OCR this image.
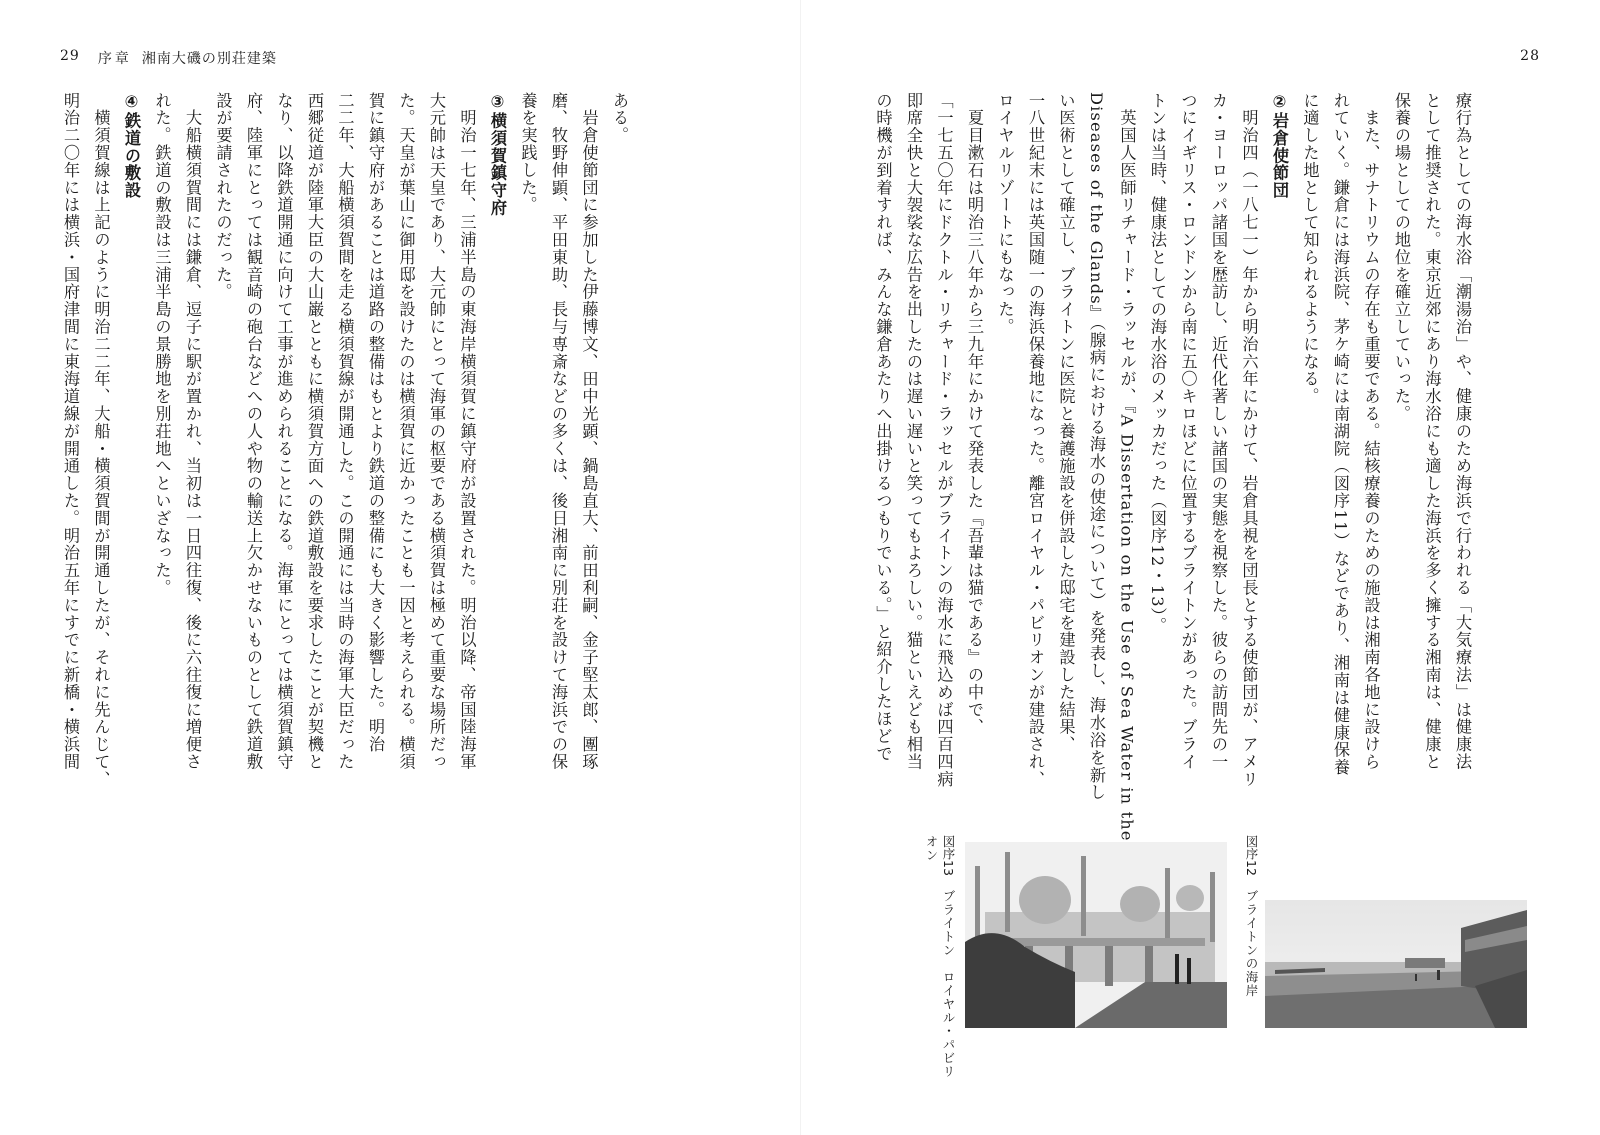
29 序章 湘南大磯の別荘建築	28

療行為としての海水浴「潮湯治」や、健康のため海浜で行われる「大気療法」は健康法
として推奨された。東京近郊にあり海水浴にも適した海浜を多く擁する湘南は、健康と
保養の場としての地位を確立していった。
　また、サナトリウムの存在も重要である。結核療養のための施設は湘南各地に設けら
れていく。鎌倉には海浜院、茅ケ崎には南湖院（図序11）などであり、湘南は健康保養
に適した地として知られるようになる。
②岩倉使節団
　明治四（一八七一）年から明治六年にかけて、岩倉具視を団長とする使節団が、アメリ
カ・ヨーロッパ諸国を歴訪し、近代化著しい諸国の実態を視察した。彼らの訪問先の一
つにイギリス・ロンドンから南に五〇キロほどに位置するブライトンがあった。ブライ
トンは当時、健康法としての海水浴のメッカだった（図序12・13）。
　英国人医師リチャード・ラッセルが、『A Dissertation on the Use of Sea Water in the
Diseases of the Glands』（腺病における海水の使途について）を発表し、海水浴を新し
い医術として確立し、ブライトンに医院と養護施設を併設した邸宅を建設した結果、
一八世紀末には英国随一の海浜保養地になった。離宮ロイヤル・パビリオンが建設され、
ロイヤルリゾートにもなった。
　夏目漱石は明治三八年から三九年にかけて発表した『吾輩は猫である』の中で、
「一七五〇年にドクトル・リチャード・ラッセルがブライトンの海水に飛込めば四百四病
即席全快と大袈裟な広告を出したのは遅い遅いと笑ってもよろしい。猫といえども相当
の時機が到着すれば、みんな鎌倉あたりへ出掛けるつもりでいる。」と紹介したほどで

ある。
　岩倉使節団に参加した伊藤博文、田中光顕、鍋島直大、前田利嗣、金子堅太郎、團琢
磨、牧野伸顕、平田東助、長与専斎などの多くは、後日湘南に別荘を設けて海浜での保
養を実践した。
③横須賀鎮守府
　明治一七年、三浦半島の東海岸横須賀に鎮守府が設置された。明治以降、帝国陸海軍
大元帥は天皇であり、大元帥にとって海軍の枢要である横須賀は極めて重要な場所だっ
た。天皇が葉山に御用邸を設けたのは横須賀に近かったことも一因と考えられる。横須
賀に鎮守府があることは道路の整備はもとより鉄道の整備にも大きく影響した。明治
二二年、大船横須賀間を走る横須賀線が開通した。この開通には当時の海軍大臣だった
西郷従道が陸軍大臣の大山巌とともに横須賀方面への鉄道敷設を要求したことが契機と
なり、以降鉄道開通に向けて工事が進められることになる。海軍にとっては横須賀鎮守
府、陸軍にとっては観音崎の砲台などへの人や物の輸送上欠かせないものとして鉄道敷
設が要請されたのだった。
　大船横須賀間には鎌倉、逗子に駅が置かれ、当初は一日四往復、後に六往復に増便さ
れた。鉄道の敷設は三浦半島の景勝地を別荘地へといざなった。
④鉄道の敷設
　横須賀線は上記のように明治二二年、大船・横須賀間が開通したが、それに先んじて、
明治二〇年には横浜・国府津間に東海道線が開通した。明治五年にすでに新橋・横浜間

図序12　ブライトンの海岸
図序13　ブライトン　ロイヤル・パビリ
オン
